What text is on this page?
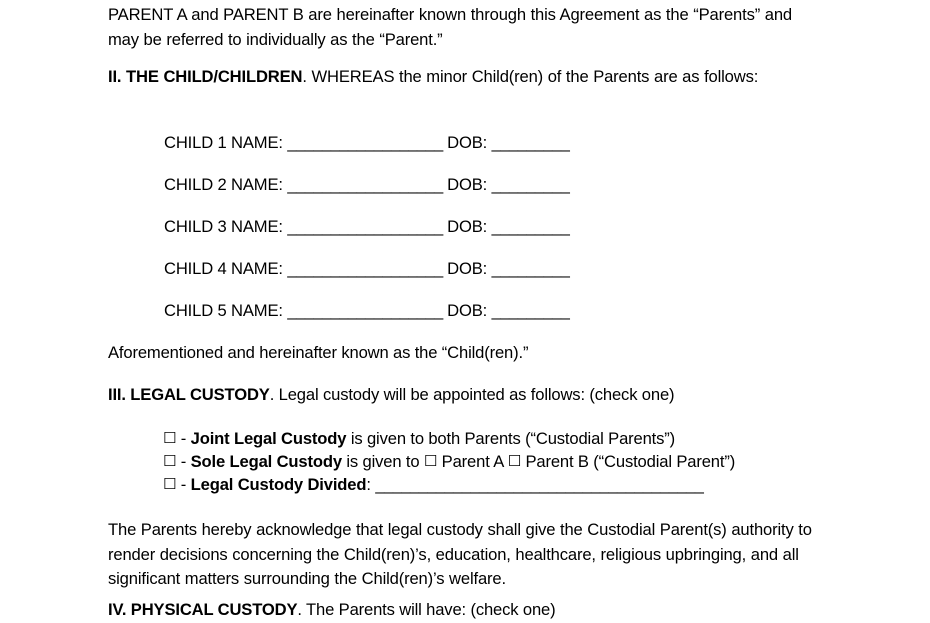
PARENT A and PARENT B are hereinafter known through this Agreement as the “Parents” and may be referred to individually as the “Parent.”
II. THE CHILD/CHILDREN. WHEREAS the minor Child(ren) of the Parents are as follows:
CHILD 1 NAME: __________________ DOB: _________
CHILD 2 NAME: __________________ DOB: _________
CHILD 3 NAME: __________________ DOB: _________
CHILD 4 NAME: __________________ DOB: _________
CHILD 5 NAME: __________________ DOB: _________
Aforementioned and hereinafter known as the “Child(ren).”
III. LEGAL CUSTODY. Legal custody will be appointed as follows: (check one)
☐ - Joint Legal Custody is given to both Parents (“Custodial Parents”)
☐ - Sole Legal Custody is given to ☐ Parent A ☐ Parent B (“Custodial Parent”)
☐ - Legal Custody Divided: ______________________________________
The Parents hereby acknowledge that legal custody shall give the Custodial Parent(s) authority to render decisions concerning the Child(ren)’s, education, healthcare, religious upbringing, and all significant matters surrounding the Child(ren)’s welfare.
IV. PHYSICAL CUSTODY. The Parents will have: (check one)
